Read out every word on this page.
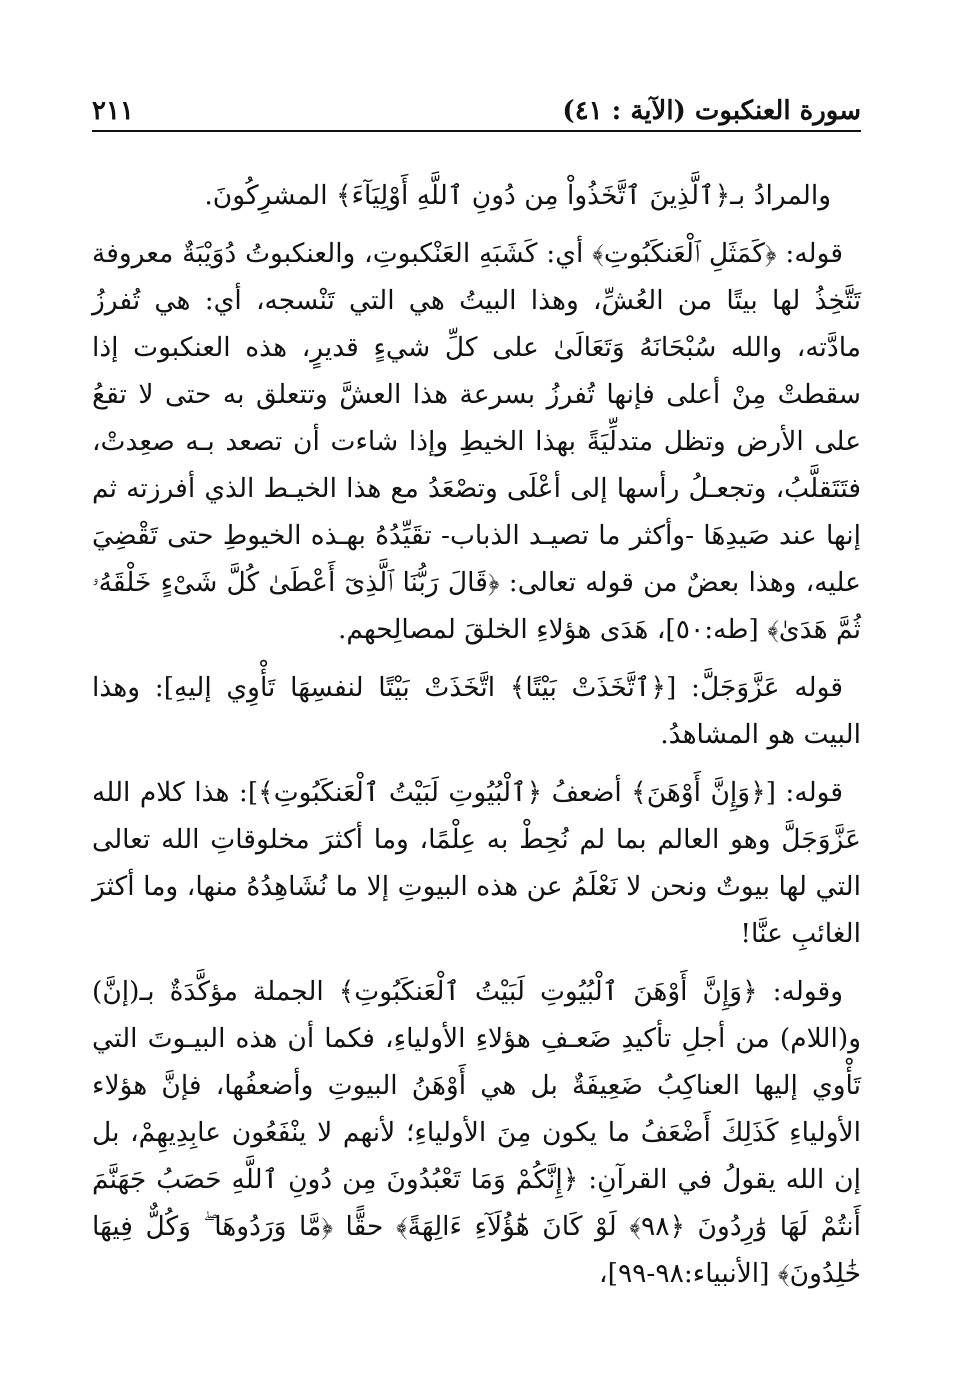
٢١١	سورة العنكبوت (الآية : ٤١)

والمرادُ بـ﴿ٱلَّذِينَ ٱتَّخَذُواْ مِن دُونِ ٱللَّهِ أَوْلِيَآءَ﴾ المشرِكُونَ.

قوله: ﴿كَمَثَلِ ٱلْعَنكَبُوتِ﴾ أي: كَشَبَهِ العَنْكبوتِ، والعنكبوتُ دُوَيْبَةٌ معروفة تَتَّخِذُ لها بيتًا من العُشِّ، وهذا البيتُ هي التي تَنْسجه، أي: هي تُفرزُ مادَّته، والله سُبْحَانَهُ وَتَعَالَىٰ على كلِّ شيءٍ قديرٍ، هذه العنكبوت إذا سقطتْ مِنْ أعلى فإنها تُفرزُ بسرعة هذا العشَّ وتتعلق به حتى لا تقعُ على الأرض وتظل متدلِّيَةً بهذا الخيطِ وإذا شاءت أن تصعد بـه صعِدتْ، فتَتَقلَّبُ، وتجعـلُ رأسها إلى أعْلَى وتصْعَدُ مع هذا الخيـط الذي أفرزته ثم إنها عند صَيدِهَا -وأكثر ما تصيـد الذباب- تقَيِّدُهُ بهـذه الخيوطِ حتى تَقْضِيَ عليه، وهذا بعضٌ من قوله تعالى: ﴿قَالَ رَبُّنَا ٱلَّذِىٓ أَعْطَىٰ كُلَّ شَىْءٍ خَلْقَهُۥ ثُمَّ هَدَىٰ﴾ [طه:٥٠]، هَدَى هؤلاءِ الخلقَ لمصالِحهم.

قوله عَزَّوَجَلَّ: [﴿ٱتَّخَذَتْ بَيْتًا﴾ اتَّخَذَتْ بَيْتًا لنفسِهَا تَأْوِي إليهِ]: وهذا البيت هو المشاهدُ.

قوله: [﴿وَإِنَّ أَوْهَنَ﴾ أضعفُ ﴿ٱلْبُيُوتِ لَبَيْتُ ٱلْعَنكَبُوتِ﴾]: هذا كلام الله عَزَّوَجَلَّ وهو العالم بما لم نُحِطْ به عِلْمًا، وما أكثرَ مخلوقاتِ الله تعالى التي لها بيوتٌ ونحن لا نَعْلَمُ عن هذه البيوتِ إلا ما نُشَاهِدُهُ منها، وما أكثرَ الغائبِ عنَّا!

وقوله: ﴿وَإِنَّ أَوْهَنَ ٱلْبُيُوتِ لَبَيْتُ ٱلْعَنكَبُوتِ﴾ الجملة مؤكَّدَةٌ بـ(إنَّ) و(اللام) من أجلِ تأكيدِ ضَعـفِ هؤلاءِ الأولياءِ، فكما أن هذه البيـوتَ التي تَأْوي إليها العناكِبُ ضَعِيفَةٌ بل هي أَوْهَنُ البيوتِ وأضعفُها، فإنَّ هؤلاء الأولياءِ كَذَلِكَ أَضْعَفُ ما يكون مِنَ الأولياءِ؛ لأنهم لا ينْفَعُون عابِدِيهِمْ، بل إن الله يقولُ في القرآنِ: ﴿إِنَّكُمْ وَمَا تَعْبُدُونَ مِن دُونِ ٱللَّهِ حَصَبُ جَهَنَّمَ أَنتُمْ لَهَا وَٰرِدُونَ ﴿٩٨﴾ لَوْ كَانَ هَٰٓؤُلَآءِ ءَالِهَةً﴾ حقًّا ﴿مَّا وَرَدُوهَا ۖ وَكُلٌّ فِيهَا خَٰلِدُونَ﴾ [الأنبياء:٩٨-٩٩]،
